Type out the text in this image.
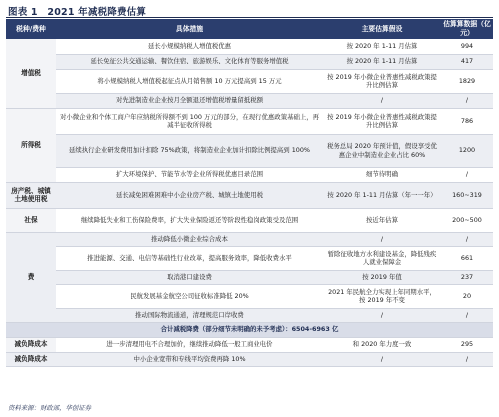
图表 1　2021 年减税降费估算
税种/费种	具体措施	主要估算假设	估算算数据（亿元）
增值税	延长小规模纳税人增值税优惠	按 2020 年 1-11 月估算	994
	延长免征公共交通运输、餐饮住宿、旅游娱乐、文化体育等服务增值税	按 2020 年 1-11 月估算	417
	将小规模纳税人增值税起征点从月销售额 10 万元提高到 15 万元	按 2019 年小微企业普惠性减税政策提升比例估算	1829
	对先进制造业企业按月全额退还增值税增量留抵税额	/	/
所得税	对小微企业和个体工商户年应纳税所得额不到 100 万元的部分，在现行优惠政策基础上，再减半征收所得税	按 2019 年小微企业普惠性减税政策提升比例估算	786
	延续执行企业研发费用加计扣除 75%政策，将制造业企业加计扣除比例提高到 100%	税务总局 2020 年预计值，假设享受优惠企业中制造业企业占比 60%	1200
	扩大环境保护、节能节水等企业所得税优惠目录范围	细节待明确	/
房产税、城镇土地使用税	延长减免困难困难中小企业房产税、城镇土地使用税	按 2020 年 1-11 月估算（年一一年）	160~319
社保	继续降低失业和工伤保险费率，扩大失业保险返还等阶段性稳岗政策受及范围	按近年估算	200~500
费	推动降低小微企业综合成本	/	/
	推进能源、交通、电信等基础性行业改革，提高服务效率，降低收费水平	暂除征收地方水利建设基金，降低残疾人就业保障金	661
	取消港口建设费	按 2019 年值	237
	民航发展基金航空公司征收标准降低 20%	2021 年民航全力实现上年同期水平，按 2019 年不变	20
	推动国际物流通道，清理规范口岸收费	/	/
合计减税降费（部分细节未明确的未予考虑）：6504-6963 亿			
减负降成本	进一步清理用电不合理加价，继续推动降低一般工商业电价	和 2020 年力度一致	295
减负降成本	中小企业宽带和专线平均资费再降 10%	/	/
资料来源：财政部，华创证券
